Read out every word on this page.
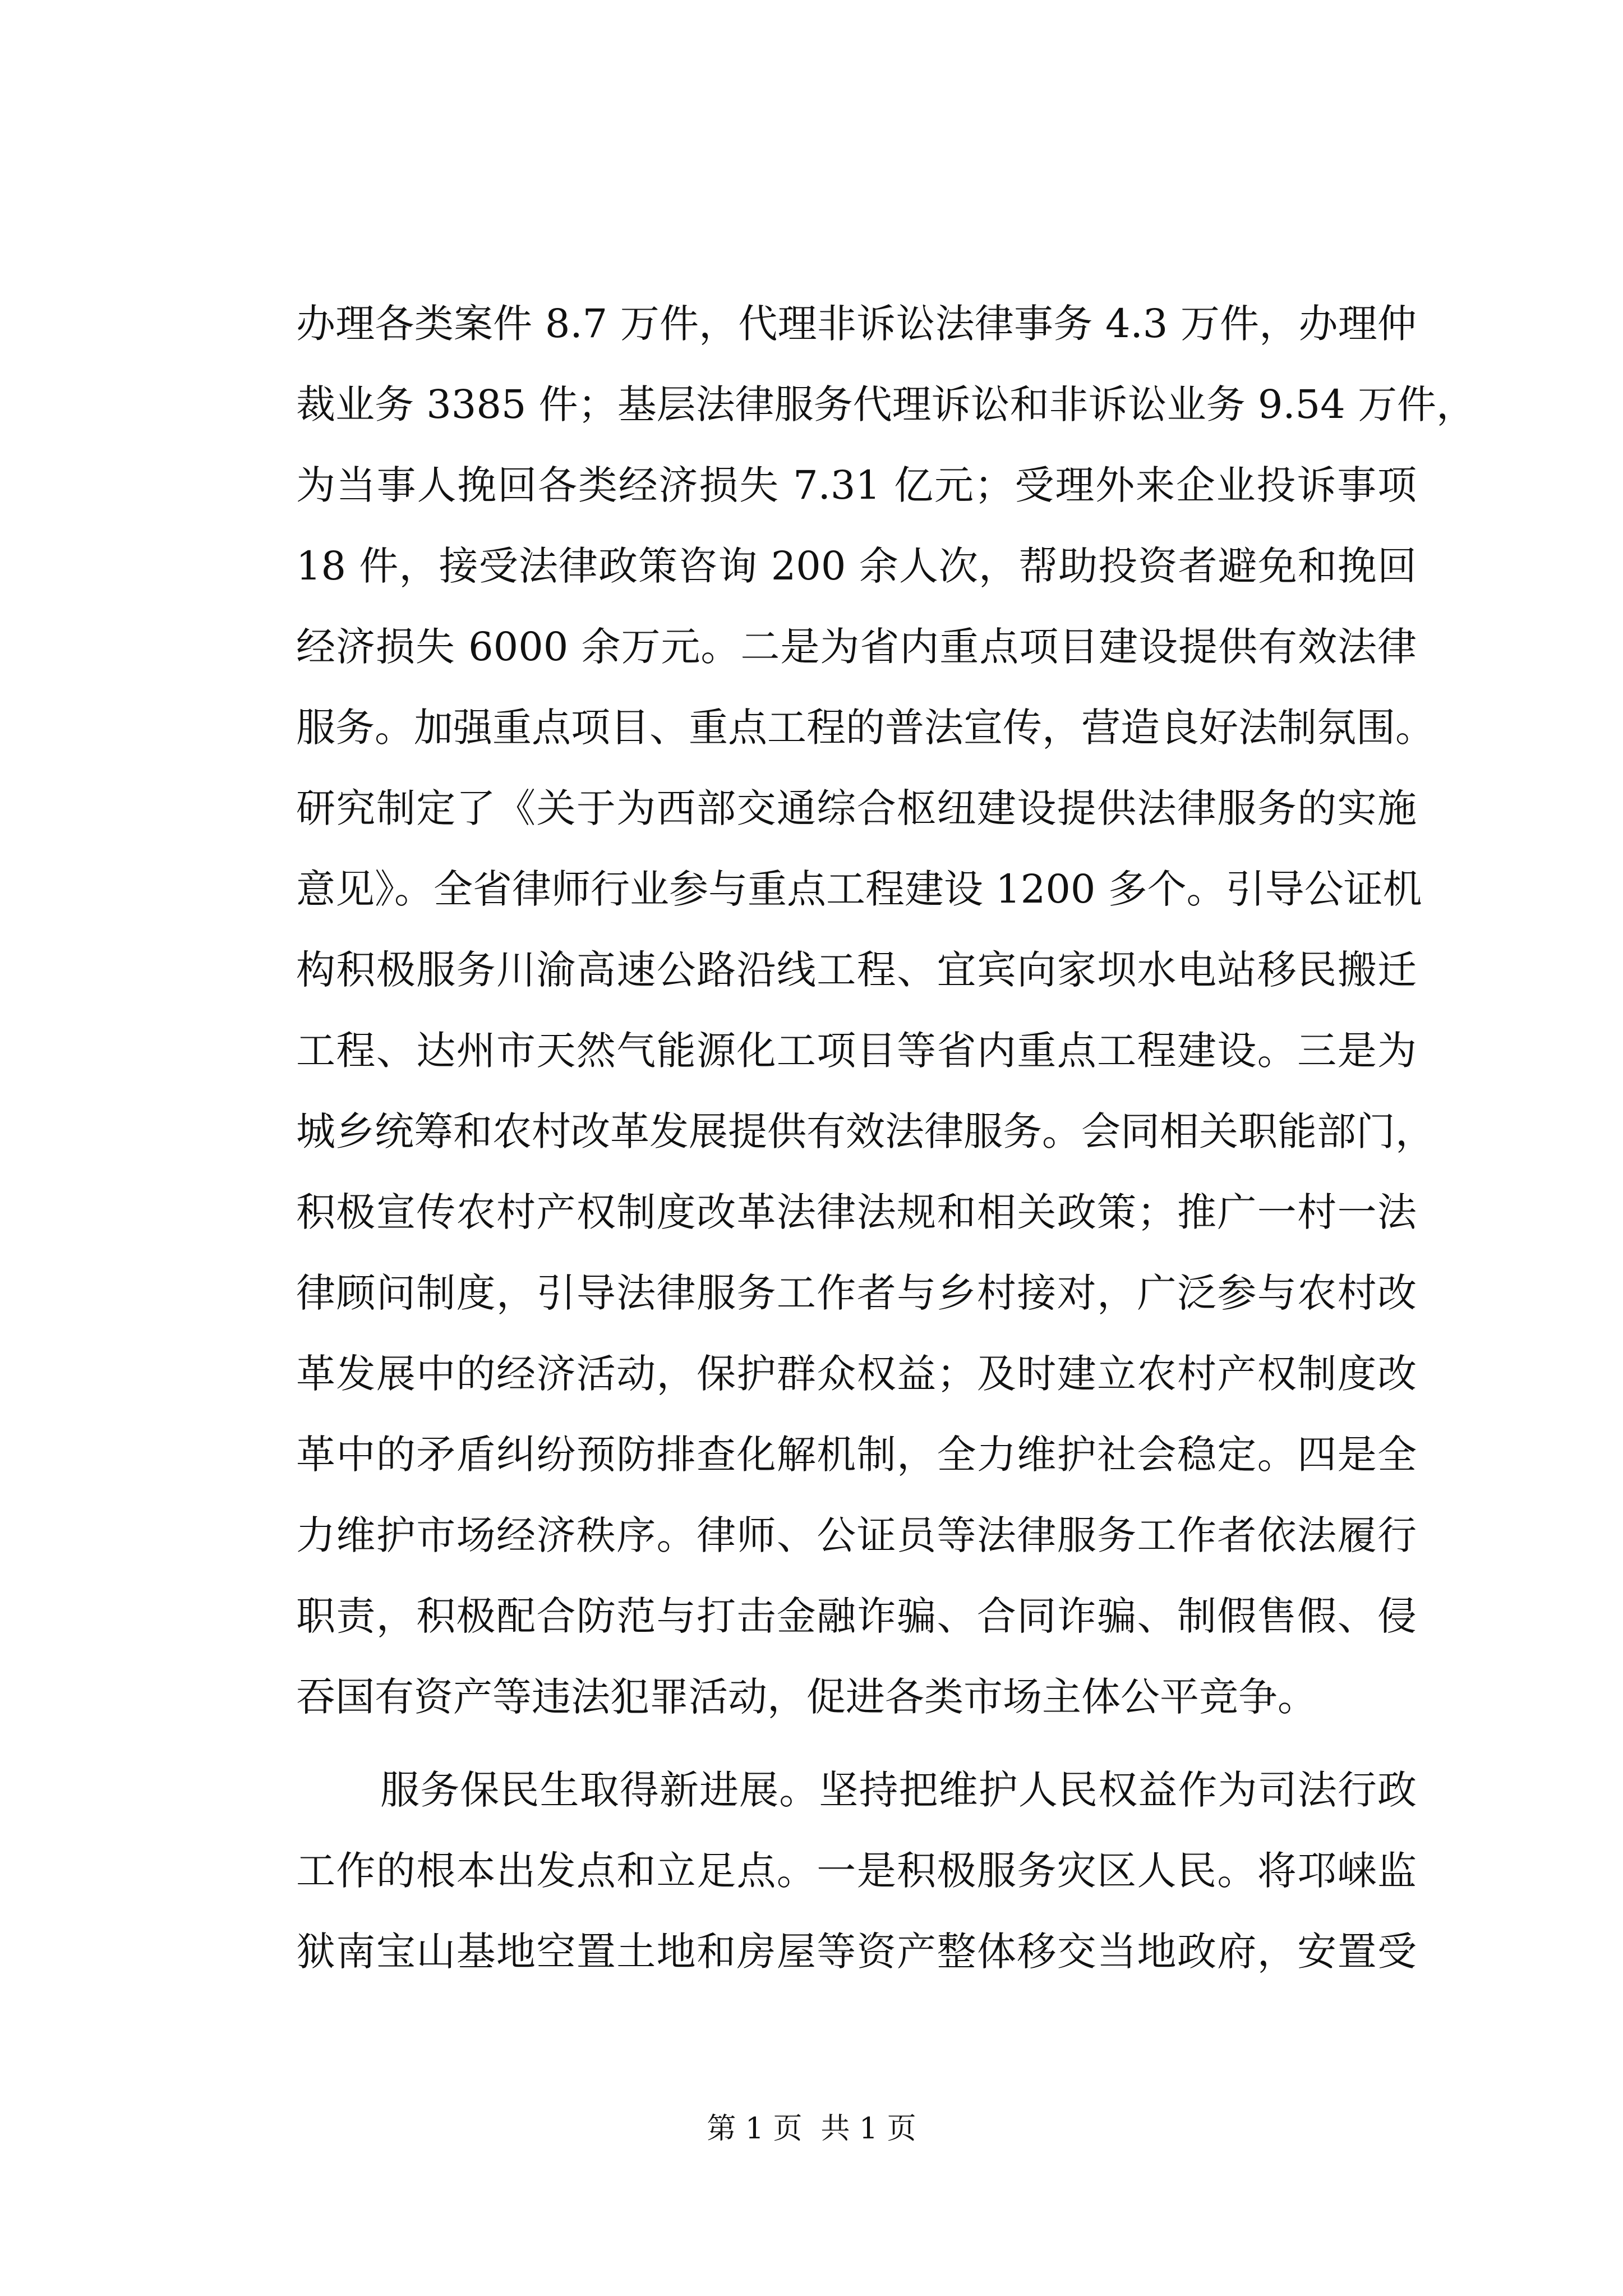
办理各类案件 8.7 万件，代理非诉讼法律事务 4.3 万件，办理仲
裁业务 3385 件；基层法律服务代理诉讼和非诉讼业务 9.54 万件，
为当事人挽回各类经济损失 7.31 亿元；受理外来企业投诉事项
18 件，接受法律政策咨询 200 余人次，帮助投资者避免和挽回
经济损失 6000 余万元。二是为省内重点项目建设提供有效法律
服务。加强重点项目、重点工程的普法宣传，营造良好法制氛围。
研究制定了《关于为西部交通综合枢纽建设提供法律服务的实施
意见》。全省律师行业参与重点工程建设 1200 多个。引导公证机
构积极服务川渝高速公路沿线工程、宜宾向家坝水电站移民搬迁
工程、达州市天然气能源化工项目等省内重点工程建设。三是为
城乡统筹和农村改革发展提供有效法律服务。会同相关职能部门，
积极宣传农村产权制度改革法律法规和相关政策；推广一村一法
律顾问制度，引导法律服务工作者与乡村接对，广泛参与农村改
革发展中的经济活动，保护群众权益；及时建立农村产权制度改
革中的矛盾纠纷预防排查化解机制，全力维护社会稳定。四是全
力维护市场经济秩序。律师、公证员等法律服务工作者依法履行
职责，积极配合防范与打击金融诈骗、合同诈骗、制假售假、侵
吞国有资产等违法犯罪活动，促进各类市场主体公平竞争。
服务保民生取得新进展。坚持把维护人民权益作为司法行政
工作的根本出发点和立足点。一是积极服务灾区人民。将邛崃监
狱南宝山基地空置土地和房屋等资产整体移交当地政府，安置受
第 1 页  共 1 页
